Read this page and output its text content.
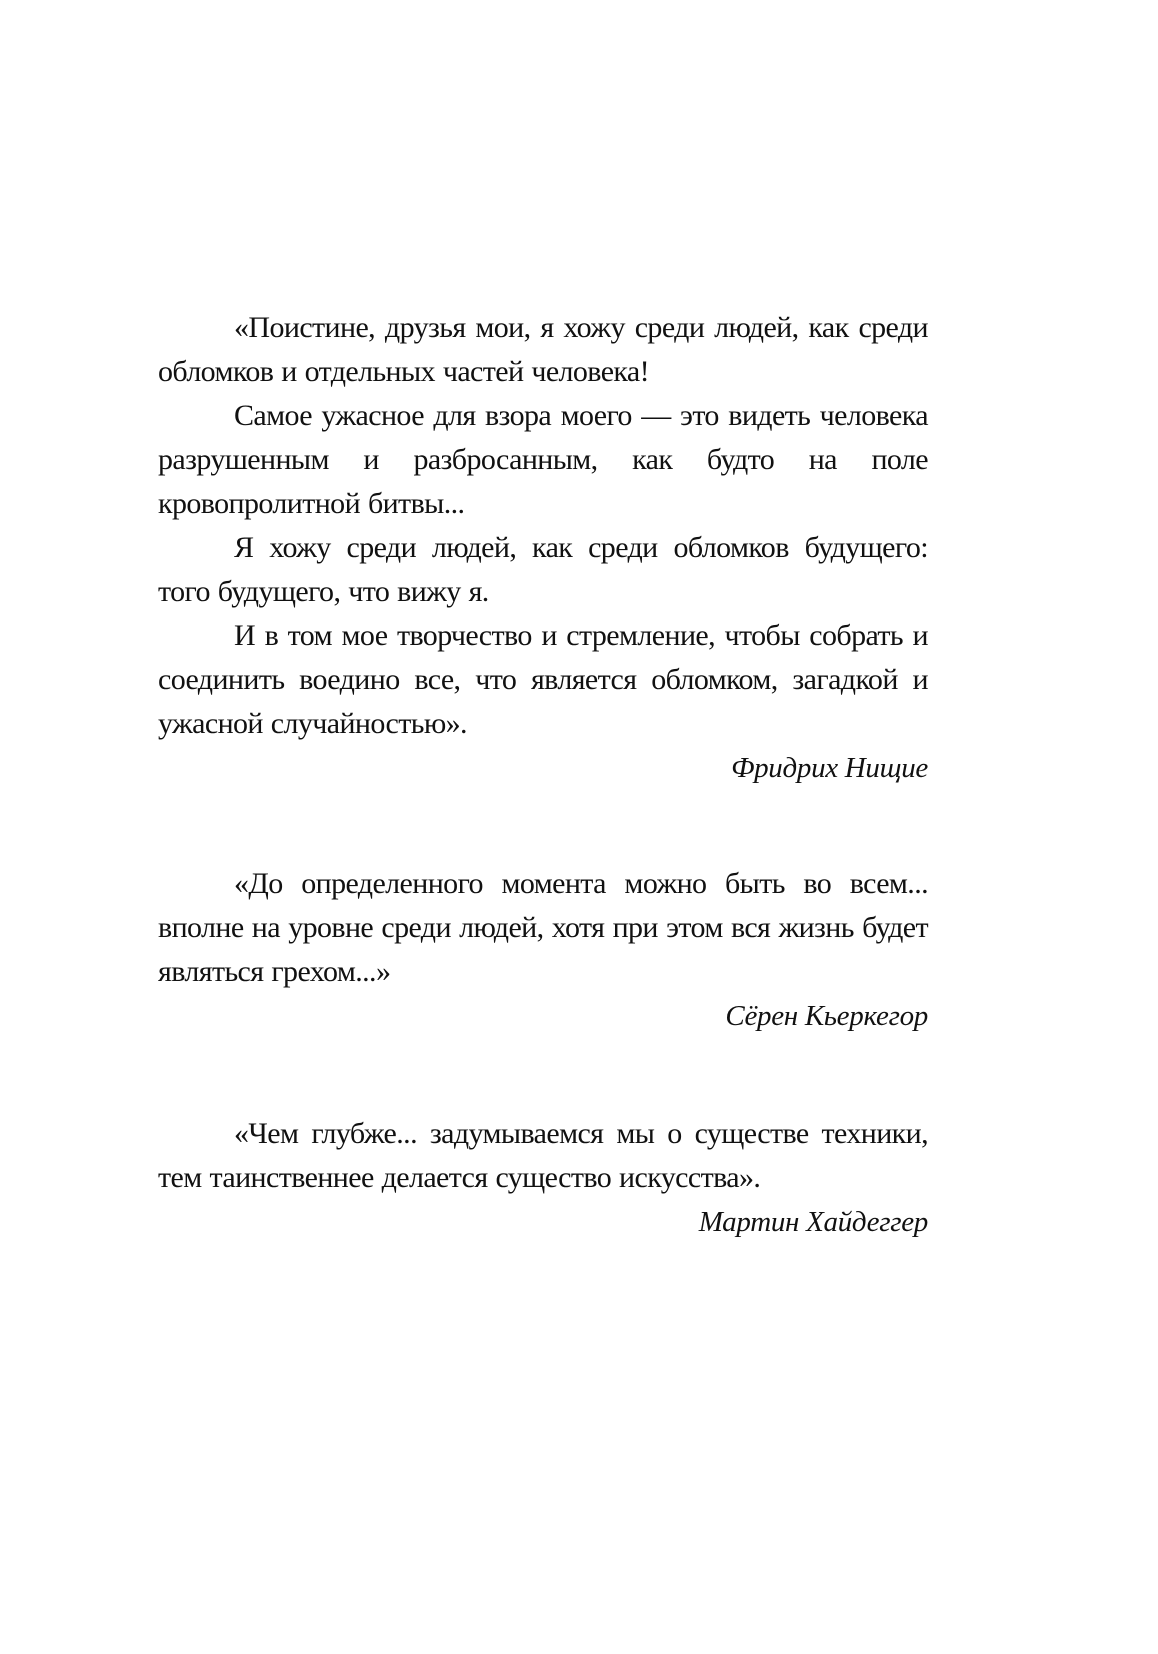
«Поистине, друзья мои, я хожу среди людей, как среди обломков и отдельных частей человека!

Самое ужасное для взора моего — это видеть человека разрушенным и разбросанным, как будто на поле кровопролитной битвы...

Я хожу среди людей, как среди обломков будущего: того будущего, что вижу я.

И в том мое творчество и стремление, чтобы собрать и соединить воедино все, что является обломком, загадкой и ужасной случайностью».

Фридрих Нищие

«До определенного момента можно быть во всем... вполне на уровне среди людей, хотя при этом вся жизнь будет являться грехом...»

Сёрен Кьеркегор

«Чем глубже... задумываемся мы о существе техники, тем таинственнее делается существо искусства».

Мартин Хайдеггер
